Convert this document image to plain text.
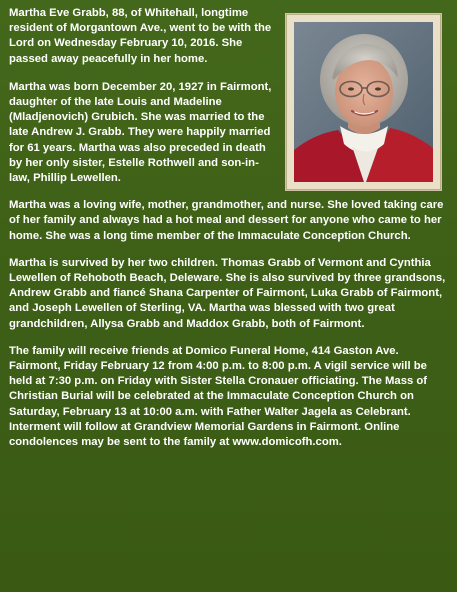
Martha Eve Grabb, 88, of Whitehall, longtime resident of Morgantown Ave., went to be with the Lord on Wednesday February 10, 2016. She passed away peacefully in her home.

Martha was born December 20, 1927 in Fairmont, daughter of the late Louis and Madeline (Mladjenovich) Grubich. She was married to the late Andrew J. Grabb. They were happily married for 61 years. Martha was also preceded in death by her only sister, Estelle Rothwell and son-in-law, Phillip Lewellen.

Martha was a loving wife, mother, grandmother, and nurse. She loved taking care of her family and always had a hot meal and dessert for anyone who came to her home. She was a long time member of the Immaculate Conception Church.

Martha is survived by her two children. Thomas Grabb of Vermont and Cynthia Lewellen of Rehoboth Beach, Deleware. She is also survived by three grandsons, Andrew Grabb and fiancé Shana Carpenter of Fairmont, Luka Grabb of Fairmont, and Joseph Lewellen of Sterling, VA. Martha was blessed with two great grandchildren, Allysa Grabb and Maddox Grabb, both of Fairmont.

The family will receive friends at Domico Funeral Home, 414 Gaston Ave. Fairmont, Friday February 12 from 4:00 p.m. to 8:00 p.m. A vigil service will be held at 7:30 p.m. on Friday with Sister Stella Cronauer officiating. The Mass of Christian Burial will be celebrated at the Immaculate Conception Church on Saturday, February 13 at 10:00 a.m. with Father Walter Jagela as Celebrant. Interment will follow at Grandview Memorial Gardens in Fairmont. Online condolences may be sent to the family at www.domicofh.com.
